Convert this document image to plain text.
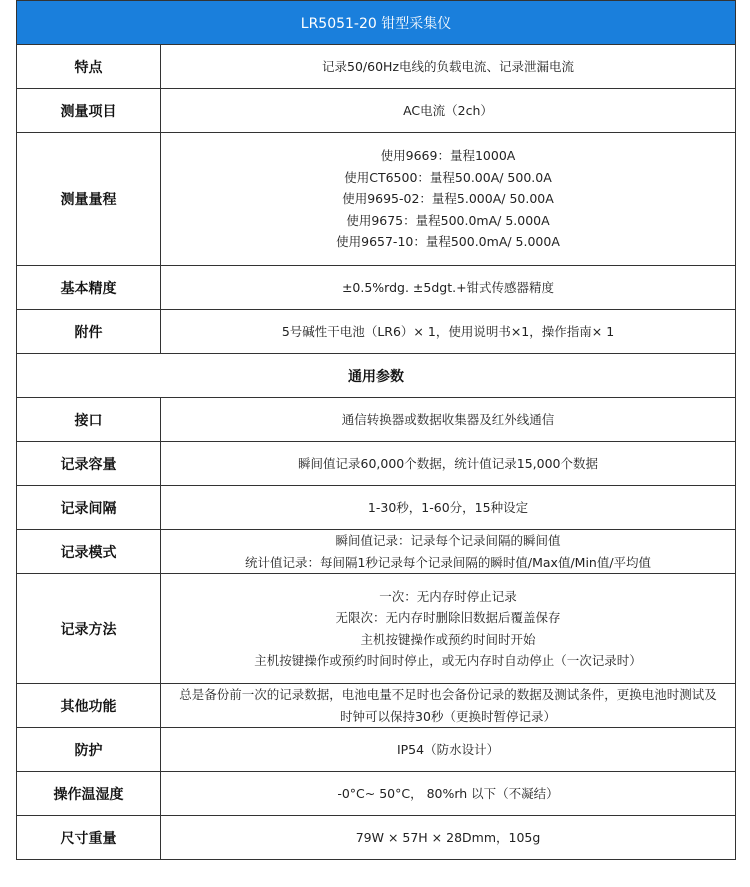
LR5051-20 钳型采集仪	
特点	记录50/60Hz电线的负载电流、记录泄漏电流

测量项目	AC电流（2ch）

测量量程	使用9669：量程1000A
使用CT6500：量程50.00A/ 500.0A
使用9695-02：量程5.000A/ 50.00A
使用9675：量程500.0mA/ 5.000A
使用9657-10：量程500.0mA/ 5.000A

基本精度	±0.5%rdg. ±5dgt.+钳式传感器精度

附件	5号碱性干电池（LR6）× 1，使用说明书×1，操作指南× 1

通用参数	
接口	通信转换器或数据收集器及红外线通信

记录容量	瞬间值记录60,000个数据，统计值记录15,000个数据

记录间隔	1-30秒，1-60分，15种设定

记录模式	瞬间值记录：记录每个记录间隔的瞬间值
统计值记录：每间隔1秒记录每个记录间隔的瞬时值/Max值/Min值/平均值

记录方法	一次：无内存时停止记录
无限次：无内存时删除旧数据后覆盖保存
主机按键操作或预约时间时开始
主机按键操作或预约时间时停止，或无内存时自动停止（一次记录时）

其他功能	总是备份前一次的记录数据，电池电量不足时也会备份记录的数据及测试条件，更换电池时测试及
时钟可以保持30秒（更换时暂停记录）

防护	IP54（防水设计）

操作温湿度	-0°C~ 50°C， 80%rh 以下（不凝结）

尺寸重量	79W × 57H × 28Dmm，105g
